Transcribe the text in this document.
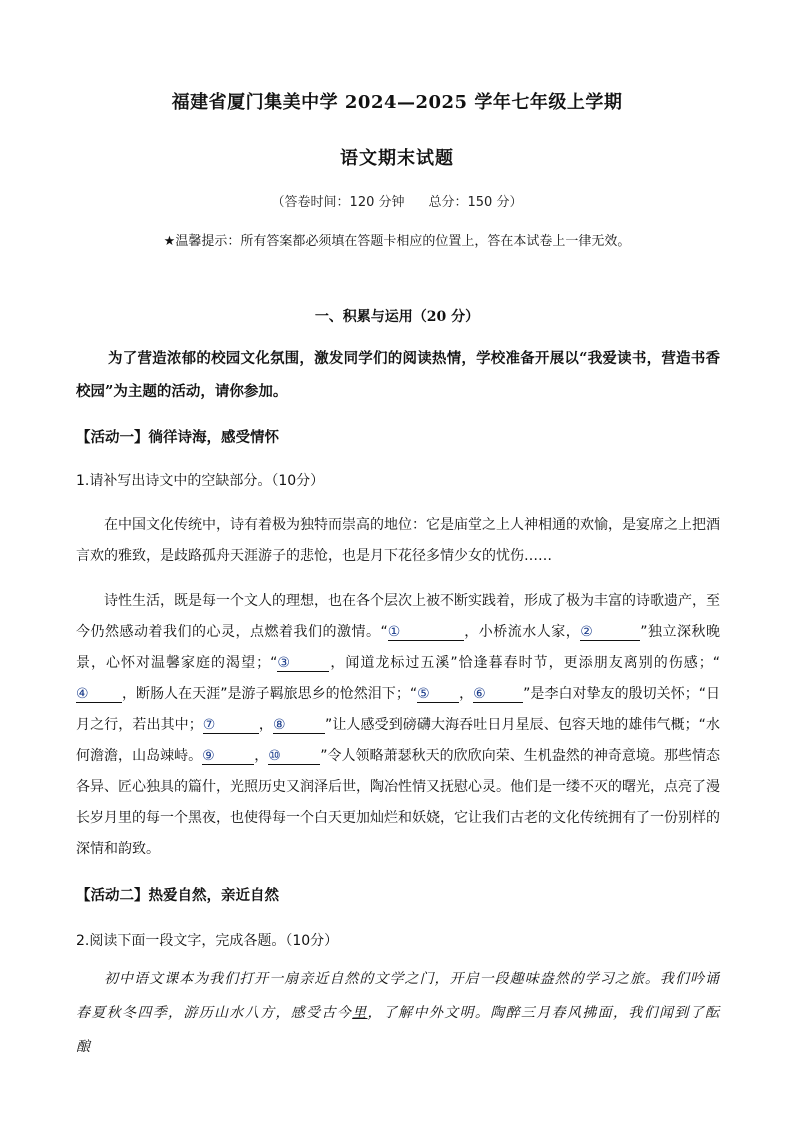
福建省厦门集美中学 2024—2025 学年七年级上学期
语文期末试题
（答卷时间：120 分钟 总分：150 分）
★温馨提示：所有答案都必须填在答题卡相应的位置上，答在本试卷上一律无效。
一、积累与运用（20 分）
为了营造浓郁的校园文化氛围，激发同学们的阅读热情，学校准备开展以“我爱读书，营造书香校园”为主题的活动，请你参加。
【活动一】徜徉诗海，感受情怀
1.请补写出诗文中的空缺部分。（10分）
在中国文化传统中，诗有着极为独特而崇高的地位：它是庙堂之上人神相通的欢愉，是宴席之上把酒言欢的雅致，是歧路孤舟天涯游子的悲怆，也是月下花径多情少女的忧伤……
诗性生活，既是每一个文人的理想，也在各个层次上被不断实践着，形成了极为丰富的诗歌遗产，至今仍然感动着我们的心灵，点燃着我们的激情。“①	，小桥流水人家，②	”独立深秋晚景，心怀对温馨家庭的渴望；“③	，闻道龙标过五溪”恰逢暮春时节，更添朋友离别的伤感；“④ ，断肠人在天涯”是游子羁旅思乡的怆然泪下；“⑤ ，⑥	”是李白对挚友的殷切关怀；“日月之行，若出其中；⑦	，⑧	”让人感受到磅礴大海吞吐日月星辰、包容天地的雄伟气概；“水何澹澹，山岛竦峙。⑨	，⑩	”令人领略萧瑟秋天的欣欣向荣、生机盎然的神奇意境。那些情态各异、匠心独具的篇什，光照历史又润泽后世，陶冶性情又抚慰心灵。他们是一缕不灭的曙光，点亮了漫长岁月里的每一个黑夜，也使得每一个白天更加灿烂和妖娆，它让我们古老的文化传统拥有了一份别样的深情和韵致。
【活动二】热爱自然，亲近自然
2.阅读下面一段文字，完成各题。（10分）
初中语文课本为我们打开一扇亲近自然的文学之门，开启一段趣味盎然的学习之旅。我们吟诵春夏秋冬四季，游历山水八方，感受古今里，了解中外文明。陶醉三月春风拂面，我们闻到了酝酿
